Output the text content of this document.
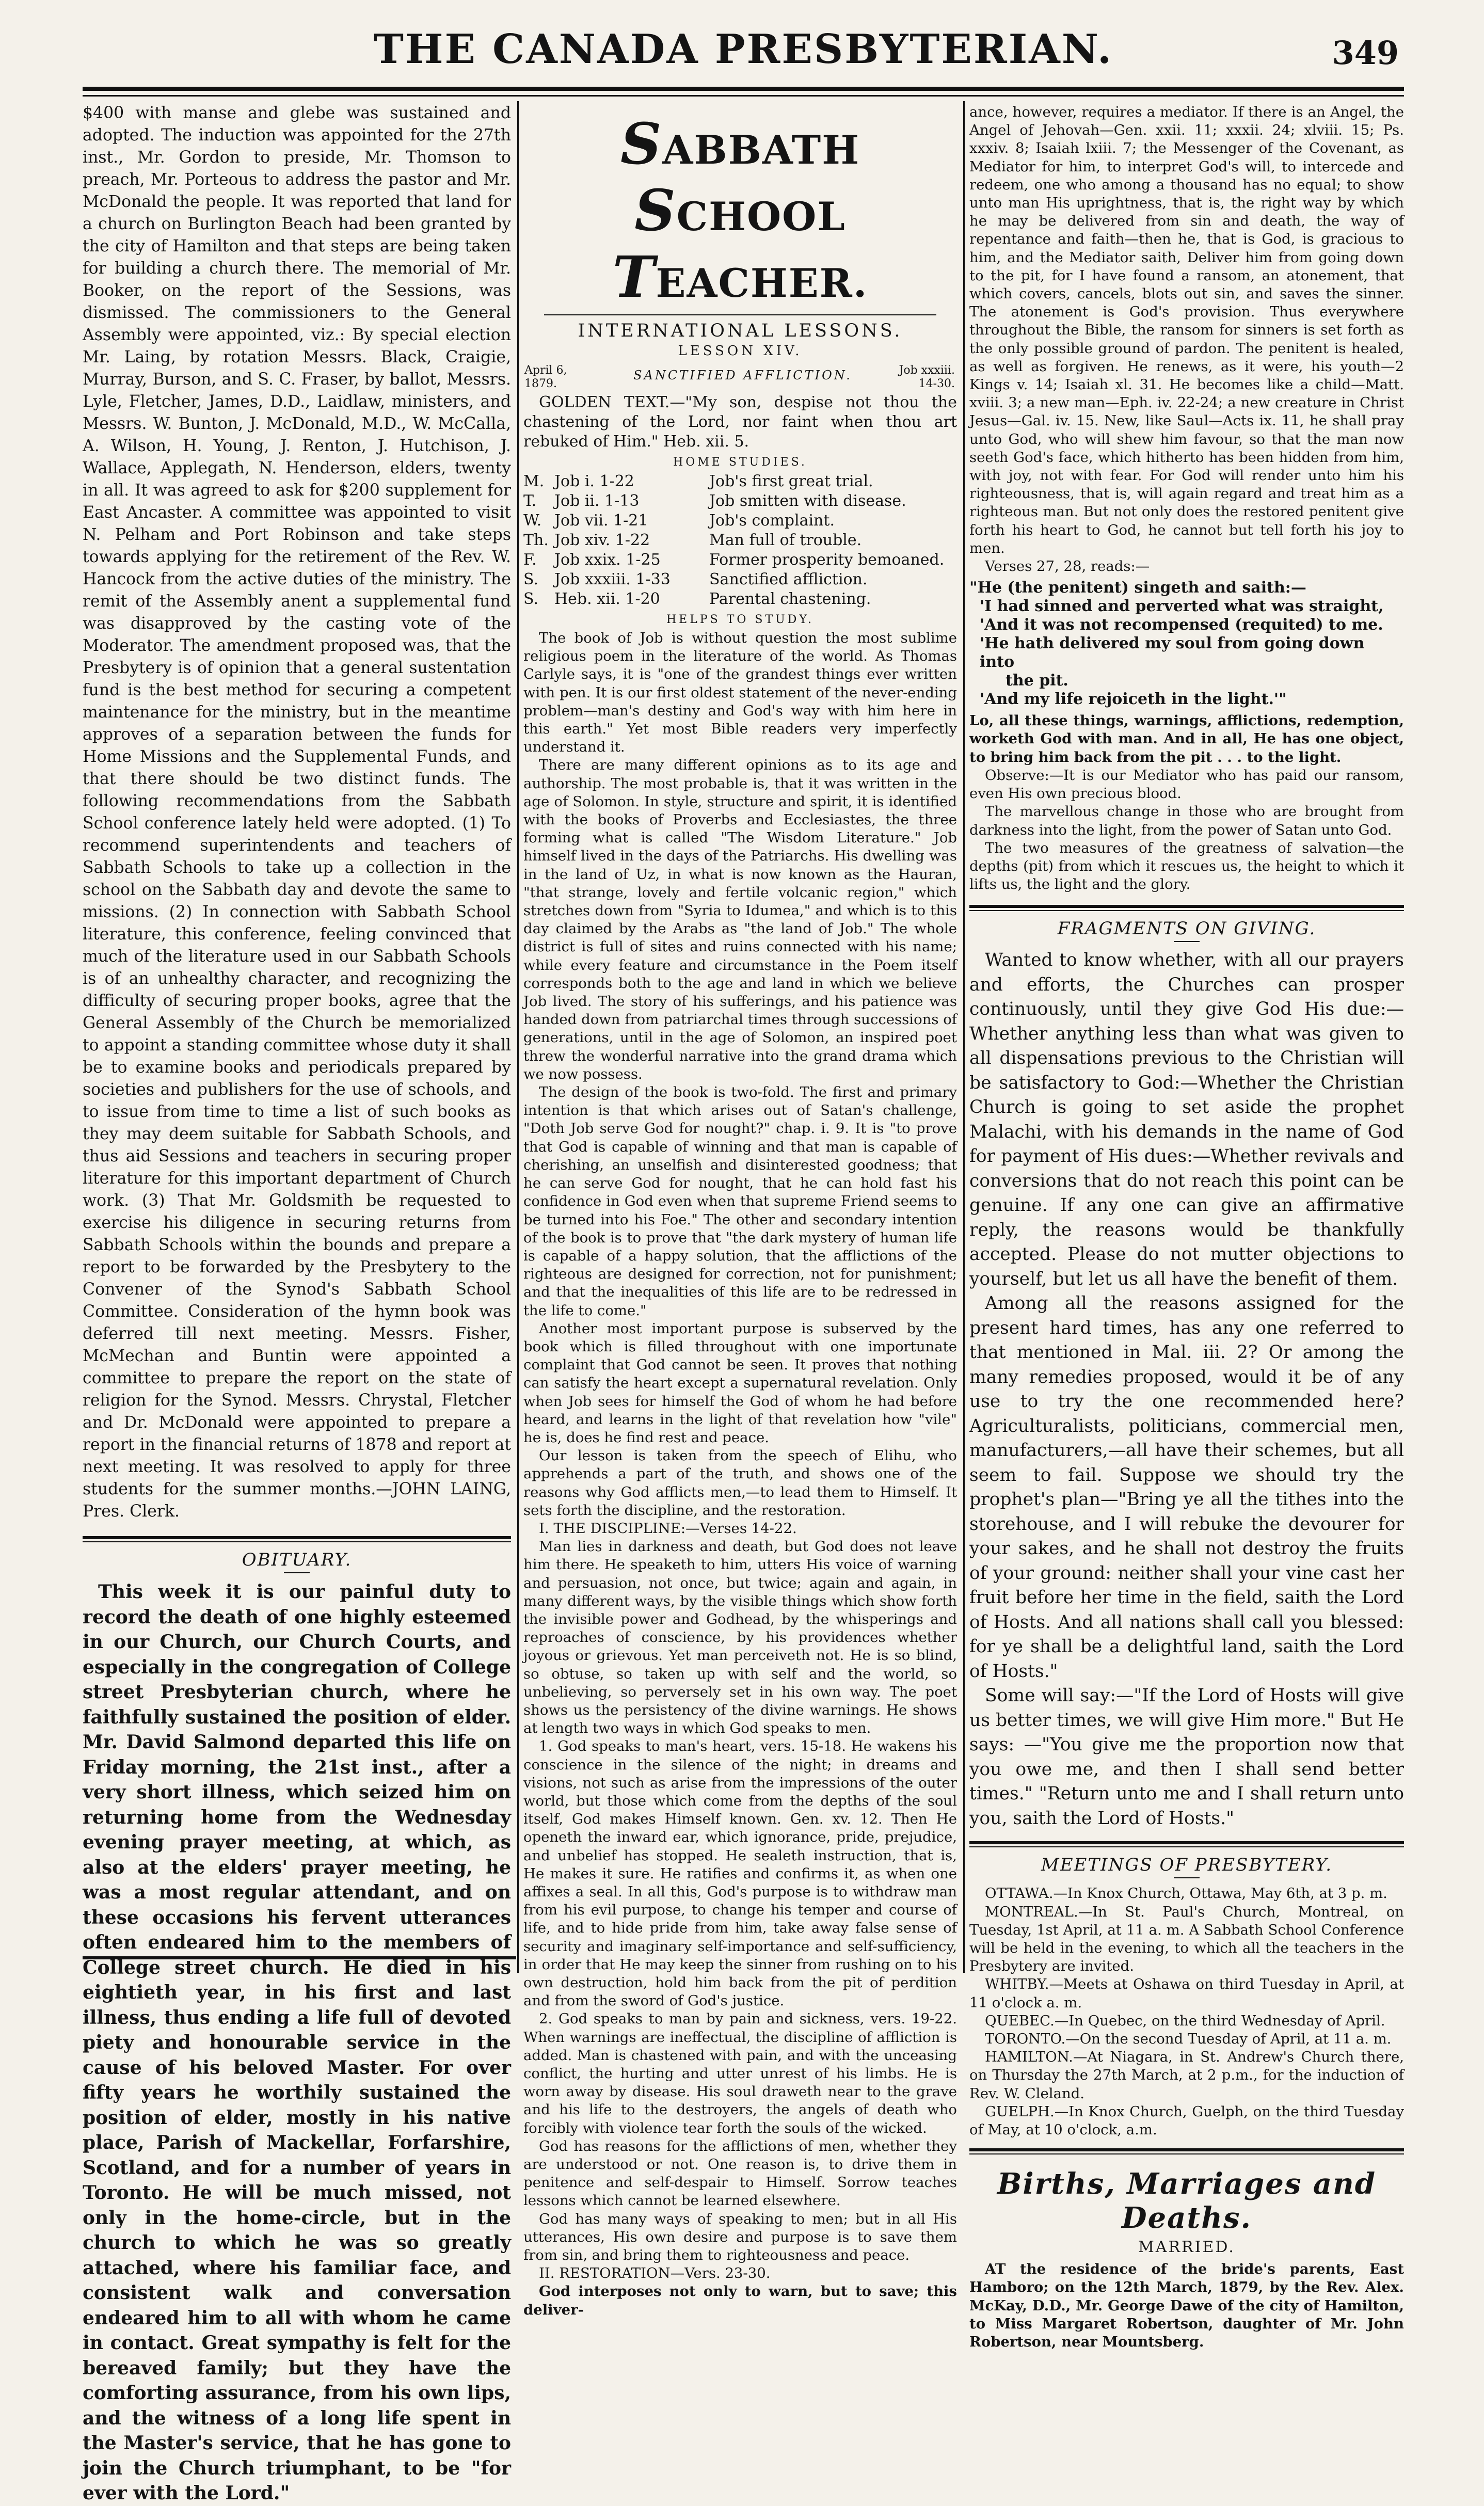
THE CANADA PRESBYTERIAN.	349

$400 with manse and glebe was sustained and adopted. The induction was appointed for the 27th inst., Mr. Gordon to preside, Mr. Thomson to preach, Mr. Porteous to address the pastor and Mr. McDonald the people. It was reported that land for a church on Burlington Beach had been granted by the city of Hamilton and that steps are being taken for building a church there. The memorial of Mr. Booker, on the report of the Sessions, was dismissed. The commissioners to the General Assembly were appointed, viz.: By special election Mr. Laing, by rotation Messrs. Black, Craigie, Murray, Burson, and S. C. Fraser, by ballot, Messrs. Lyle, Fletcher, James, D.D., Laidlaw, ministers, and Messrs. W. Bunton, J. McDonald, M.D., W. McCalla, A. Wilson, H. Young, J. Renton, J. Hutchison, J. Wallace, Applegath, N. Henderson, elders, twenty in all. It was agreed to ask for $200 supplement for East Ancaster. A committee was appointed to visit N. Pelham and Port Robinson and take steps towards applying for the retirement of the Rev. W. Hancock from the active duties of the ministry. The remit of the Assembly anent a supplemental fund was disapproved by the casting vote of the Moderator. The amendment proposed was, that the Presbytery is of opinion that a general sustentation fund is the best method for securing a competent maintenance for the ministry, but in the meantime approves of a separation between the funds for Home Missions and the Supplemental Funds, and that there should be two distinct funds. The following recommendations from the Sabbath School conference lately held were adopted. (1) To recommend superintendents and teachers of Sabbath Schools to take up a collection in the school on the Sabbath day and devote the same to missions. (2) In connection with Sabbath School literature, this conference, feeling convinced that much of the literature used in our Sabbath Schools is of an unhealthy character, and recognizing the difficulty of securing proper books, agree that the General Assembly of the Church be memorialized to appoint a standing committee whose duty it shall be to examine books and periodicals prepared by societies and publishers for the use of schools, and to issue from time to time a list of such books as they may deem suitable for Sabbath Schools, and thus aid Sessions and teachers in securing proper literature for this important department of Church work. (3) That Mr. Goldsmith be requested to exercise his diligence in securing returns from Sabbath Schools within the bounds and prepare a report to be forwarded by the Presbytery to the Convener of the Synod's Sabbath School Committee. Consideration of the hymn book was deferred till next meeting. Messrs. Fisher, McMechan and Buntin were appointed a committee to prepare the report on the state of religion for the Synod. Messrs. Chrystal, Fletcher and Dr. McDonald were appointed to prepare a report in the financial returns of 1878 and report at next meeting. It was resolved to apply for three students for the summer months.—JOHN LAING, Pres. Clerk.

OBITUARY.

This week it is our painful duty to record the death of one highly esteemed in our Church, our Church Courts, and especially in the congregation of College street Presbyterian church, where he faithfully sustained the position of elder. Mr. David Salmond departed this life on Friday morning, the 21st inst., after a very short illness, which seized him on returning home from the Wednesday evening prayer meeting, at which, as also at the elders' prayer meeting, he was a most regular attendant, and on these occasions his fervent utterances often endeared him to the members of College street church. He died in his eightieth year, in his first and last illness, thus ending a life full of devoted piety and honourable service in the cause of his beloved Master. For over fifty years he worthily sustained the position of elder, mostly in his native place, Parish of Mackellar, Forfarshire, Scotland, and for a number of years in Toronto. He will be much missed, not only in the home-circle, but in the church to which he was so greatly attached, where his familiar face, and consistent walk and conversation endeared him to all with whom he came in contact. Great sympathy is felt for the bereaved family; but they have the comforting assurance, from his own lips, and the witness of a long life spent in the Master's service, that he has gone to join the Church triumphant, to be "for ever with the Lord."

SABBATH SCHOOL TEACHER.
INTERNATIONAL LESSONS.
LESSON XIV.
April 6, 1879.
SANCTIFIED AFFLICTION.	Job xxxiii. 14-30.

GOLDEN TEXT.—"My son, despise not thou the chastening of the Lord, nor faint when thou art rebuked of Him." Heb. xii. 5.

HOME STUDIES.
M. Job i. 1-22	Job's first great trial.
T.	Job ii. 1-13	Job smitten with disease.
W. Job vii. 1-21	Job's complaint.
Th. Job xiv. 1-22	Man full of trouble.
F.	Job xxix. 1-25	Former prosperity bemoaned.
S.	Job xxxiii. 1-33	Sanctified affliction.
S.	Heb. xii. 1-20	Parental chastening.
HELPS TO STUDY.

The book of Job is without question the most sublime religious poem in the literature of the world. As Thomas Carlyle says, it is "one of the grandest things ever written with pen. It is our first oldest statement of the never-ending problem—man's destiny and God's way with him here in this earth." Yet most Bible readers very imperfectly understand it.

There are many different opinions as to its age and authorship. The most probable is, that it was written in the age of Solomon. In style, structure and spirit, it is identified with the books of Proverbs and Ecclesiastes, the three forming what is called "The Wisdom Literature." Job himself lived in the days of the Patriarchs. His dwelling was in the land of Uz, in what is now known as the Hauran, "that strange, lovely and fertile volcanic region," which stretches down from "Syria to Idumea," and which is to this day claimed by the Arabs as "the land of Job." The whole district is full of sites and ruins connected with his name; while every feature and circumstance in the Poem itself corresponds both to the age and land in which we believe Job lived. The story of his sufferings, and his patience was handed down from patriarchal times through successions of generations, until in the age of Solomon, an inspired poet threw the wonderful narrative into the grand drama which we now possess.

The design of the book is two-fold. The first and primary intention is that which arises out of Satan's challenge, "Doth Job serve God for nought?" chap. i. 9. It is "to prove that God is capable of winning and that man is capable of cherishing, an unselfish and disinterested goodness; that he can serve God for nought, that he can hold fast his confidence in God even when that supreme Friend seems to be turned into his Foe." The other and secondary intention of the book is to prove that "the dark mystery of human life is capable of a happy solution, that the afflictions of the righteous are designed for correction, not for punishment; and that the inequalities of this life are to be redressed in the life to come."

Another most important purpose is subserved by the book which is filled throughout with one importunate complaint that God cannot be seen. It proves that nothing can satisfy the heart except a supernatural revelation. Only when Job sees for himself the God of whom he had before heard, and learns in the light of that revelation how "vile" he is, does he find rest and peace.

Our lesson is taken from the speech of Elihu, who apprehends a part of the truth, and shows one of the reasons why God afflicts men,—to lead them to Himself. It sets forth the discipline, and the restoration.

I. THE DISCIPLINE:—Verses 14-22.

Man lies in darkness and death, but God does not leave him there. He speaketh to him, utters His voice of warning and persuasion, not once, but twice; again and again, in many different ways, by the visible things which show forth the invisible power and Godhead, by the whisperings and reproaches of conscience, by his providences whether joyous or grievous. Yet man perceiveth not. He is so blind, so obtuse, so taken up with self and the world, so unbelieving, so perversely set in his own way. The poet shows us the persistency of the divine warnings. He shows at length two ways in which God speaks to men.

1. God speaks to man's heart, vers. 15-18. He wakens his conscience in the silence of the night; in dreams and visions, not such as arise from the impressions of the outer world, but those which come from the depths of the soul itself, God makes Himself known. Gen. xv. 12. Then He openeth the inward ear, which ignorance, pride, prejudice, and unbelief has stopped. He sealeth instruction, that is, He makes it sure. He ratifies and confirms it, as when one affixes a seal. In all this, God's purpose is to withdraw man from his evil purpose, to change his temper and course of life, and to hide pride from him, take away false sense of security and imaginary self-importance and self-sufficiency, in order that He may keep the sinner from rushing on to his own destruction, hold him back from the pit of perdition and from the sword of God's justice.

2. God speaks to man by pain and sickness, vers. 19-22. When warnings are ineffectual, the discipline of affliction is added. Man is chastened with pain, and with the unceasing conflict, the hurting and utter unrest of his limbs. He is worn away by disease. His soul draweth near to the grave and his life to the destroyers, the angels of death who forcibly with violence tear forth the souls of the wicked.

God has reasons for the afflictions of men, whether they are understood or not. One reason is, to drive them in penitence and self-despair to Himself. Sorrow teaches lessons which cannot be learned elsewhere.

God has many ways of speaking to men; but in all His utterances, His own desire and purpose is to save them from sin, and bring them to righteousness and peace.

II. RESTORATION—Vers. 23-30.

God interposes not only to warn, but to save; this deliver-

ance, however, requires a mediator. If there is an Angel, the Angel of Jehovah—Gen. xxii. 11; xxxii. 24; xlviii. 15; Ps. xxxiv. 8; Isaiah lxiii. 7; the Messenger of the Covenant, as Mediator for him, to interpret God's will, to intercede and redeem, one who among a thousand has no equal; to show unto man His uprightness, that is, the right way by which he may be delivered from sin and death, the way of repentance and faith—then he, that is God, is gracious to him, and the Mediator saith, Deliver him from going down to the pit, for I have found a ransom, an atonement, that which covers, cancels, blots out sin, and saves the sinner. The atonement is God's provision. Thus everywhere throughout the Bible, the ransom for sinners is set forth as the only possible ground of pardon. The penitent is healed, as well as forgiven. He renews, as it were, his youth—2 Kings v. 14; Isaiah xl. 31. He becomes like a child—Matt. xviii. 3; a new man—Eph. iv. 22-24; a new creature in Christ Jesus—Gal. iv. 15. New, like Saul—Acts ix. 11, he shall pray unto God, who will shew him favour, so that the man now seeth God's face, which hitherto has been hidden from him, with joy, not with fear. For God will render unto him his righteousness, that is, will again regard and treat him as a righteous man. But not only does the restored penitent give forth his heart to God, he cannot but tell forth his joy to men.

Verses 27, 28, reads:—

"He (the penitent) singeth and saith:—
'I had sinned and perverted what was straight,
'And it was not recompensed (requited) to me.
'He hath delivered my soul from going down into
the pit.
'And my life rejoiceth in the light.'"

Lo, all these things, warnings, afflictions, redemption, worketh God with man. And in all, He has one object, to bring him back from the pit . . . to the light.

Observe:—It is our Mediator who has paid our ransom, even His own precious blood.

The marvellous change in those who are brought from darkness into the light, from the power of Satan unto God.

The two measures of the greatness of salvation—the depths (pit) from which it rescues us, the height to which it lifts us, the light and the glory.

FRAGMENTS ON GIVING.

Wanted to know whether, with all our prayers and efforts, the Churches can prosper continuously, until they give God His due:—Whether anything less than what was given to all dispensations previous to the Christian will be satisfactory to God:—Whether the Christian Church is going to set aside the prophet Malachi, with his demands in the name of God for payment of His dues:—Whether revivals and conversions that do not reach this point can be genuine. If any one can give an affirmative reply, the reasons would be thankfully accepted. Please do not mutter objections to yourself, but let us all have the benefit of them.

Among all the reasons assigned for the present hard times, has any one referred to that mentioned in Mal. iii. 2? Or among the many remedies proposed, would it be of any use to try the one recommended here? Agriculturalists, politicians, commercial men, manufacturers,—all have their schemes, but all seem to fail. Suppose we should try the prophet's plan—"Bring ye all the tithes into the storehouse, and I will rebuke the devourer for your sakes, and he shall not destroy the fruits of your ground: neither shall your vine cast her fruit before her time in the field, saith the Lord of Hosts. And all nations shall call you blessed: for ye shall be a delightful land, saith the Lord of Hosts."

Some will say:—"If the Lord of Hosts will give us better times, we will give Him more." But He says: —"You give me the proportion now that you owe me, and then I shall send better times." "Return unto me and I shall return unto you, saith the Lord of Hosts."

MEETINGS OF PRESBYTERY.

OTTAWA.—In Knox Church, Ottawa, May 6th, at 3 p. m.

MONTREAL.—In St. Paul's Church, Montreal, on Tuesday, 1st April, at 11 a. m. A Sabbath School Conference will be held in the evening, to which all the teachers in the Presbytery are invited.

WHITBY.—Meets at Oshawa on third Tuesday in April, at 11 o'clock a. m.

QUEBEC.—In Quebec, on the third Wednesday of April.

TORONTO.—On the second Tuesday of April, at 11 a. m.

HAMILTON.—At Niagara, in St. Andrew's Church there, on Thursday the 27th March, at 2 p.m., for the induction of Rev. W. Cleland.

GUELPH.—In Knox Church, Guelph, on the third Tuesday of May, at 10 o'clock, a.m.

Births, Marriages and Deaths.
MARRIED.

AT the residence of the bride's parents, East Hamboro; on the 12th March, 1879, by the Rev. Alex. McKay, D.D., Mr. George Dawe of the city of Hamilton, to Miss Margaret Robertson, daughter of Mr. John Robertson, near Mountsberg.
